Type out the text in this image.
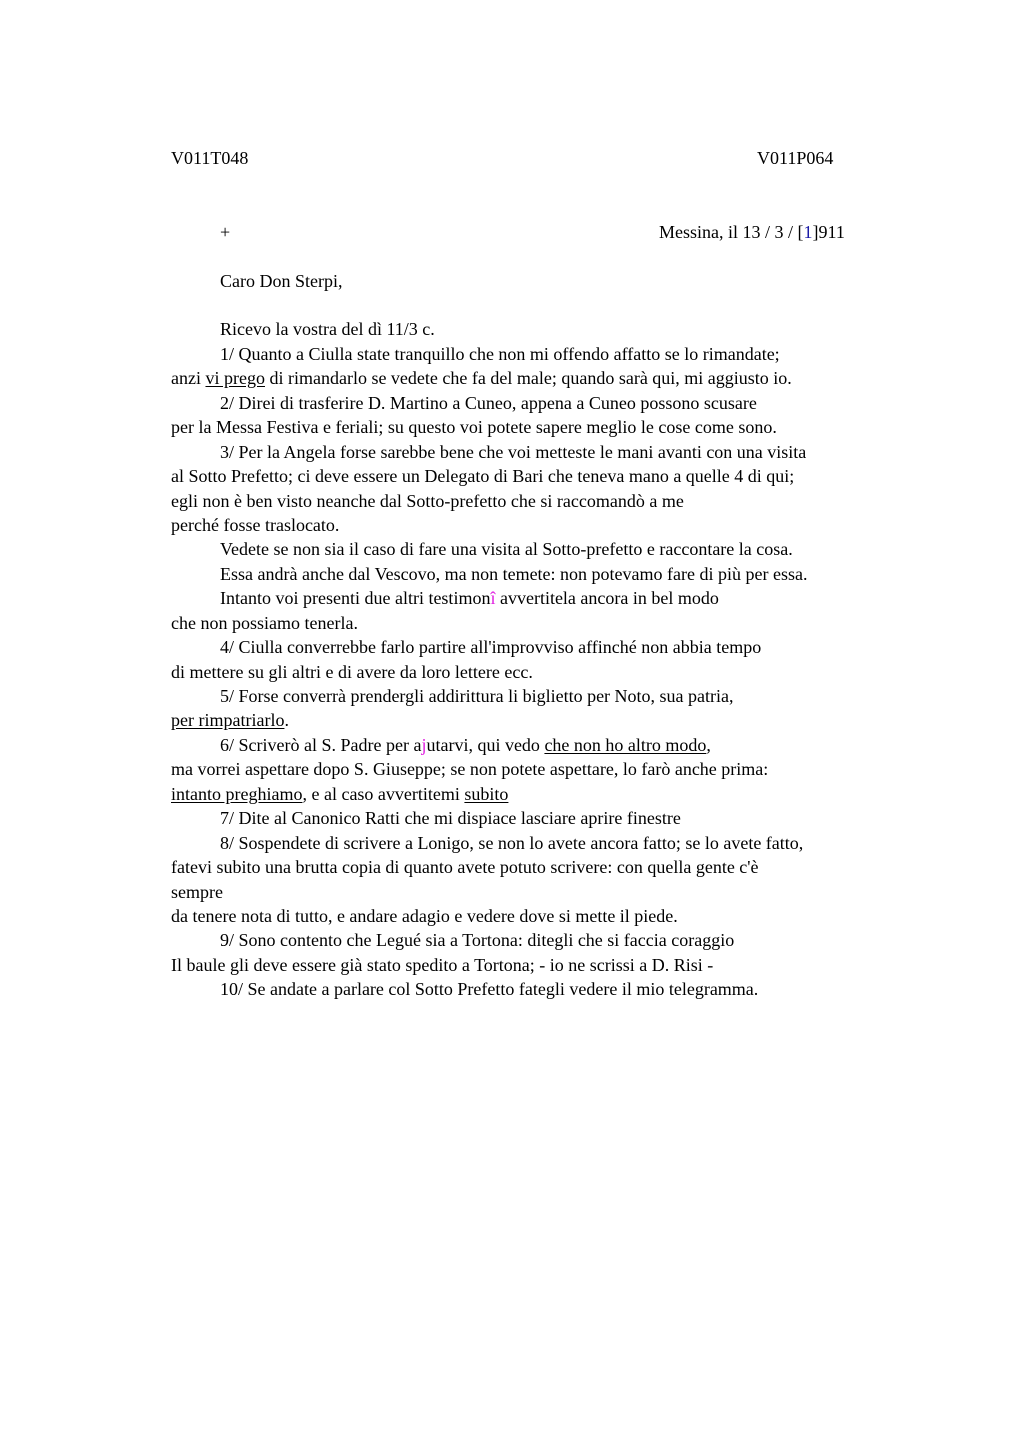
V011T048	V011P064
+	Messina, il 13 / 3 / [1]911
Caro Don Sterpi,
Ricevo la vostra del dì 11/3 c.
1/ Quanto a Ciulla state tranquillo che non mi offendo affatto se lo rimandate;
anzi vi prego di rimandarlo se vedete che fa del male; quando sarà qui, mi aggiusto io.
2/ Direi di trasferire D. Martino a Cuneo, appena a Cuneo possono scusare
per la Messa Festiva e feriali; su questo voi potete sapere meglio le cose come sono.
3/ Per la Angela forse sarebbe bene che voi metteste le mani avanti con una visita
al Sotto Prefetto; ci deve essere un Delegato di Bari che teneva mano a quelle 4 di qui;
egli non è ben visto neanche dal Sotto-prefetto che si raccomandò a me
perché fosse traslocato.
Vedete se non sia il caso di fare una visita al Sotto-prefetto e raccontare la cosa.
Essa andrà anche dal Vescovo, ma non temete: non potevamo fare di più per essa.
Intanto voi presenti due altri testimonî avvertitela ancora in bel modo
che non possiamo tenerla.
4/ Ciulla converrebbe farlo partire all'improvviso affinché non abbia tempo
di mettere su gli altri e di avere da loro lettere ecc.
5/ Forse converrà prendergli addirittura li biglietto per Noto, sua patria,
per rimpatriarlo.
6/ Scriverò al S. Padre per ajutarvi, qui vedo che non ho altro modo,
ma vorrei aspettare dopo S. Giuseppe; se non potete aspettare, lo farò anche prima:
intanto preghiamo, e al caso avvertitemi subito
7/ Dite al Canonico Ratti che mi dispiace lasciare aprire finestre
8/ Sospendete di scrivere a Lonigo, se non lo avete ancora fatto; se lo avete fatto,
fatevi subito una brutta copia di quanto avete potuto scrivere: con quella gente c'è
sempre
da tenere nota di tutto, e andare adagio e vedere dove si mette il piede.
9/ Sono contento che Legué sia a Tortona: ditegli che si faccia coraggio
Il baule gli deve essere già stato spedito a Tortona; - io ne scrissi a D. Risi -
10/ Se andate a parlare col Sotto Prefetto fategli vedere il mio telegramma.
